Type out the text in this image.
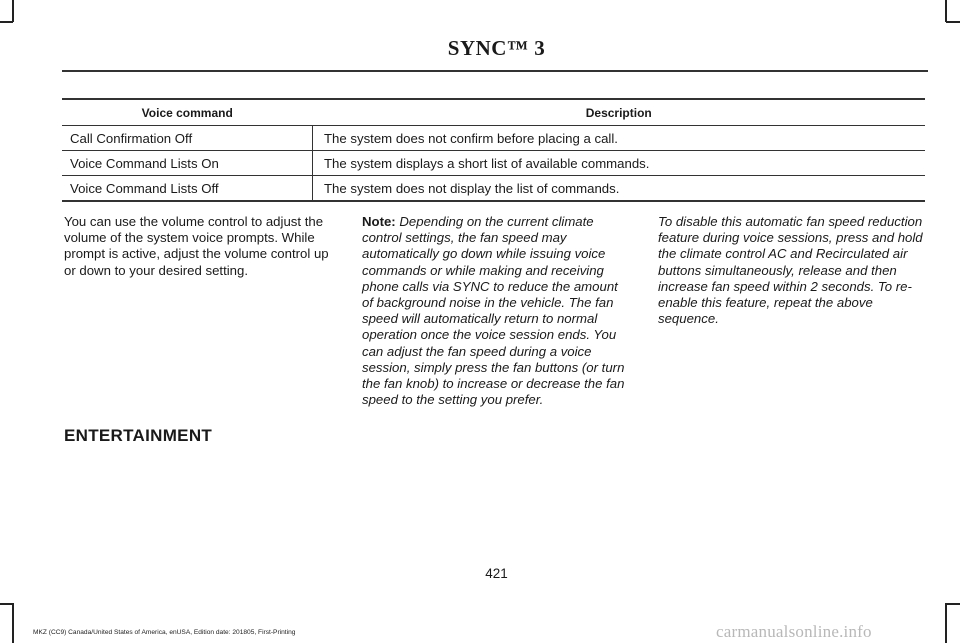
SYNC™ 3
Voice command	Description
Call Confirmation Off	The system does not confirm before placing a call.
Voice Command Lists On	The system displays a short list of available commands.
Voice Command Lists Off	The system does not display the list of commands.

You can use the volume control to adjust the volume of the system voice prompts. While prompt is active, adjust the volume control up or down to your desired setting.

Note: Depending on the current climate control settings, the fan speed may automatically go down while issuing voice commands or while making and receiving phone calls via SYNC to reduce the amount of background noise in the vehicle. The fan speed will automatically return to normal operation once the voice session ends. You can adjust the fan speed during a voice session, simply press the fan buttons (or turn the fan knob) to increase or decrease the fan speed to the setting you prefer.

To disable this automatic fan speed reduction feature during voice sessions, press and hold the climate control AC and Recirculated air buttons simultaneously, release and then increase fan speed within 2 seconds. To re-enable this feature, repeat the above sequence.

ENTERTAINMENT
421
MKZ (CC9) Canada/United States of America, enUSA, Edition date: 201805, First-Printing	carmanualsonline.info
